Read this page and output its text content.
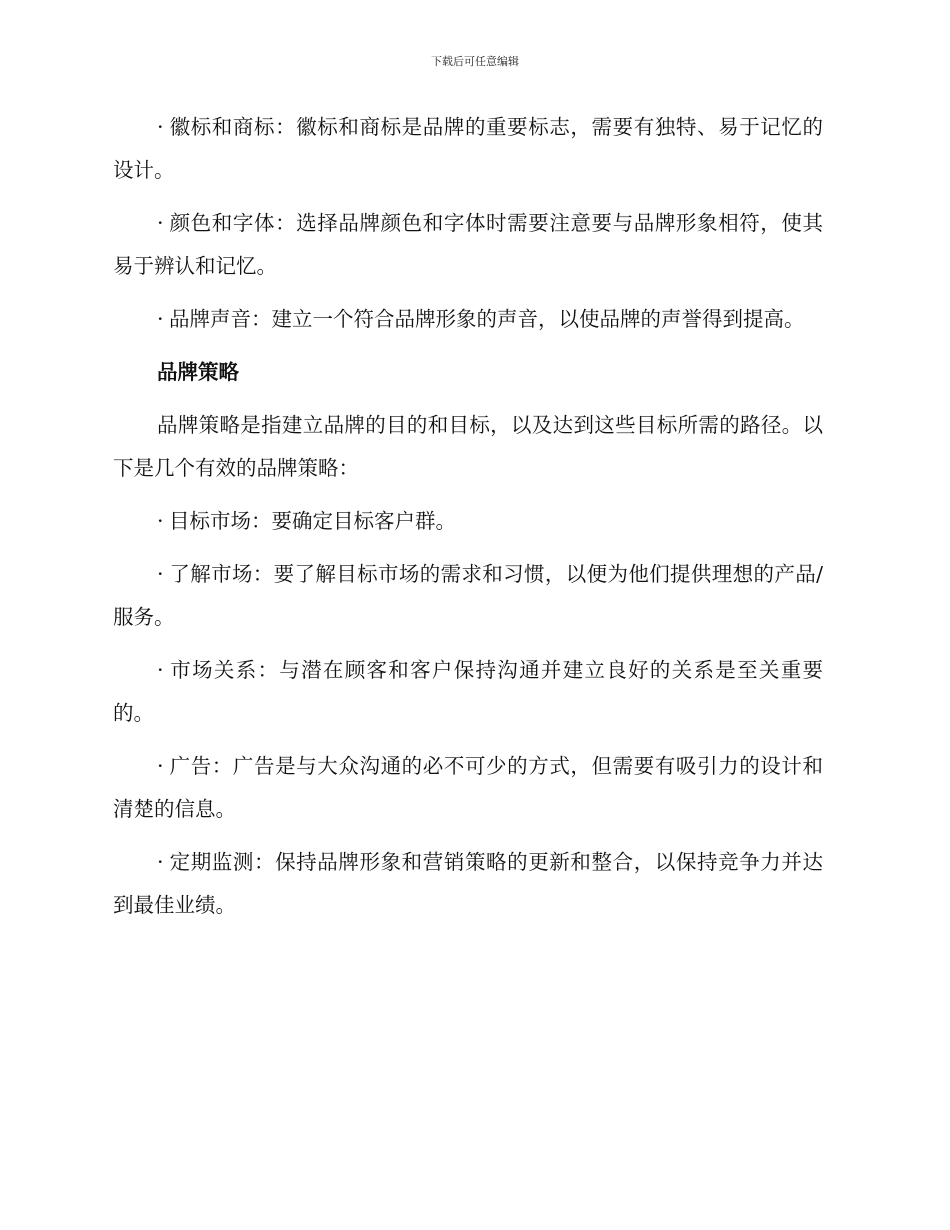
下载后可任意编辑

· 徽标和商标：徽标和商标是品牌的重要标志，需要有独特、易于记忆的设计。

· 颜色和字体：选择品牌颜色和字体时需要注意要与品牌形象相符，使其易于辨认和记忆。

· 品牌声音：建立一个符合品牌形象的声音，以使品牌的声誉得到提高。

品牌策略

品牌策略是指建立品牌的目的和目标，以及达到这些目标所需的路径。以下是几个有效的品牌策略：

· 目标市场：要确定目标客户群。

· 了解市场：要了解目标市场的需求和习惯，以便为他们提供理想的产品/服务。

· 市场关系：与潜在顾客和客户保持沟通并建立良好的关系是至关重要的。

· 广告：广告是与大众沟通的必不可少的方式，但需要有吸引力的设计和清楚的信息。

· 定期监测：保持品牌形象和营销策略的更新和整合，以保持竞争力并达到最佳业绩。
